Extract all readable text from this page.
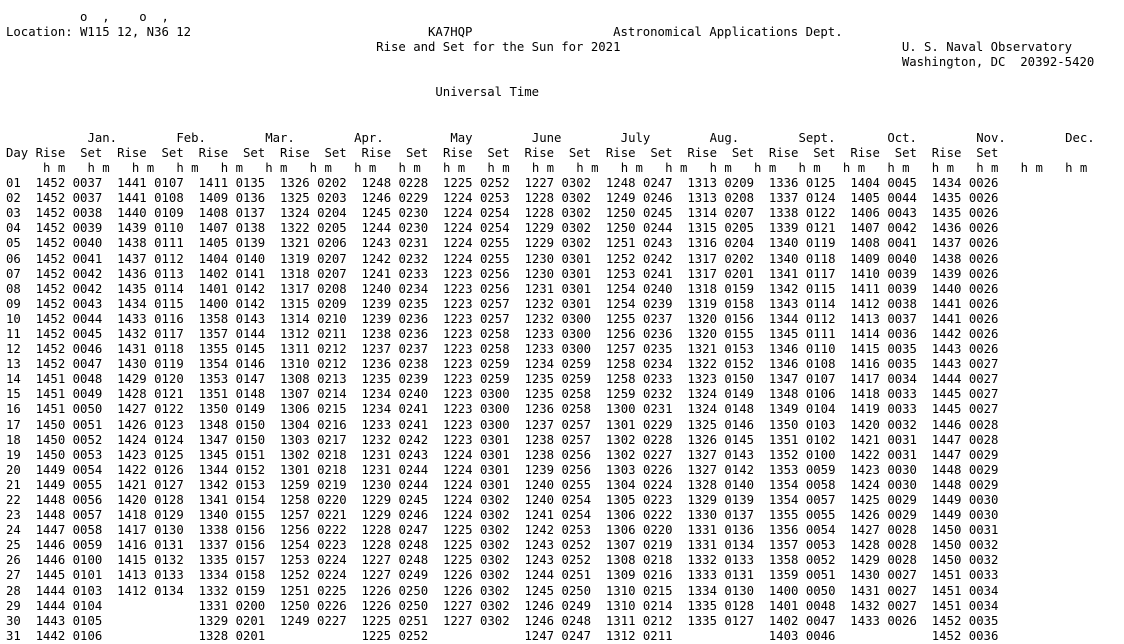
o  ,    o  ,
Location: W115 12, N36 12	KA7HQP	Astronomical Applications Dept.
Rise and Set for the Sun for 2021	U. S. Naval Observatory
Washington, DC  20392-5420

Universal Time

Jan.	Feb.	Mar.	Apr.	May	June	July	Aug.	Sept.	Oct.	Nov.	Dec.
Day Rise Set Rise Set Rise Set Rise Set Rise Set Rise Set Rise Set Rise Set Rise Set Rise Set Rise Set Rise Set
h m h m h m h m h m h m h m h m h m h m h m h m h m h m h m h m h m h m h m h m h m h m h m h m
01 1452 0037 1441 0107 1411 0135 1326 0202 1248 0228 1225 0252 1227 0302 1248 0247 1313 0209 1336 0125 1404 0045 1434 0026
02 1452 0037 1441 0108 1409 0136 1325 0203 1246 0229 1224 0253 1228 0302 1249 0246 1313 0208 1337 0124 1405 0044 1435 0026
03 1452 0038 1440 0109 1408 0137 1324 0204 1245 0230 1224 0254 1228 0302 1250 0245 1314 0207 1338 0122 1406 0043 1435 0026
04 1452 0039 1439 0110 1407 0138 1322 0205 1244 0230 1224 0254 1229 0302 1250 0244 1315 0205 1339 0121 1407 0042 1436 0026
05 1452 0040 1438 0111 1405 0139 1321 0206 1243 0231 1224 0255 1229 0302 1251 0243 1316 0204 1340 0119 1408 0041 1437 0026
06 1452 0041 1437 0112 1404 0140 1319 0207 1242 0232 1224 0255 1230 0301 1252 0242 1317 0202 1340 0118 1409 0040 1438 0026
07 1452 0042 1436 0113 1402 0141 1318 0207 1241 0233 1223 0256 1230 0301 1253 0241 1317 0201 1341 0117 1410 0039 1439 0026
08 1452 0042 1435 0114 1401 0142 1317 0208 1240 0234 1223 0256 1231 0301 1254 0240 1318 0159 1342 0115 1411 0039 1440 0026
09 1452 0043 1434 0115 1400 0142 1315 0209 1239 0235 1223 0257 1232 0301 1254 0239 1319 0158 1343 0114 1412 0038 1441 0026
10 1452 0044 1433 0116 1358 0143 1314 0210 1239 0236 1223 0257 1232 0300 1255 0237 1320 0156 1344 0112 1413 0037 1441 0026
11 1452 0045 1432 0117 1357 0144 1312 0211 1238 0236 1223 0258 1233 0300 1256 0236 1320 0155 1345 0111 1414 0036 1442 0026
12 1452 0046 1431 0118 1355 0145 1311 0212 1237 0237 1223 0258 1233 0300 1257 0235 1321 0153 1346 0110 1415 0035 1443 0026
13 1452 0047 1430 0119 1354 0146 1310 0212 1236 0238 1223 0259 1234 0259 1258 0234 1322 0152 1346 0108 1416 0035 1443 0027
14 1451 0048 1429 0120 1353 0147 1308 0213 1235 0239 1223 0259 1235 0259 1258 0233 1323 0150 1347 0107 1417 0034 1444 0027
15 1451 0049 1428 0121 1351 0148 1307 0214 1234 0240 1223 0300 1235 0258 1259 0232 1324 0149 1348 0106 1418 0033 1445 0027
16 1451 0050 1427 0122 1350 0149 1306 0215 1234 0241 1223 0300 1236 0258 1300 0231 1324 0148 1349 0104 1419 0033 1445 0027
17 1450 0051 1426 0123 1348 0150 1304 0216 1233 0241 1223 0300 1237 0257 1301 0229 1325 0146 1350 0103 1420 0032 1446 0028
18 1450 0052 1424 0124 1347 0150 1303 0217 1232 0242 1223 0301 1238 0257 1302 0228 1326 0145 1351 0102 1421 0031 1447 0028
19 1450 0053 1423 0125 1345 0151 1302 0218 1231 0243 1224 0301 1238 0256 1302 0227 1327 0143 1352 0100 1422 0031 1447 0029
20 1449 0054 1422 0126 1344 0152 1301 0218 1231 0244 1224 0301 1239 0256 1303 0226 1327 0142 1353 0059 1423 0030 1448 0029
21 1449 0055 1421 0127 1342 0153 1259 0219 1230 0244 1224 0301 1240 0255 1304 0224 1328 0140 1354 0058 1424 0030 1448 0029
22 1448 0056 1420 0128 1341 0154 1258 0220 1229 0245 1224 0302 1240 0254 1305 0223 1329 0139 1354 0057 1425 0029 1449 0030
23 1448 0057 1418 0129 1340 0155 1257 0221 1229 0246 1224 0302 1241 0254 1306 0222 1330 0137 1355 0055 1426 0029 1449 0030
24 1447 0058 1417 0130 1338 0156 1256 0222 1228 0247 1225 0302 1242 0253 1306 0220 1331 0136 1356 0054 1427 0028 1450 0031
25 1446 0059 1416 0131 1337 0156 1254 0223 1228 0248 1225 0302 1243 0252 1307 0219 1331 0134 1357 0053 1428 0028 1450 0032
26 1446 0100 1415 0132 1335 0157 1253 0224 1227 0248 1225 0302 1243 0252 1308 0218 1332 0133 1358 0052 1429 0028 1450 0032
27 1445 0101 1413 0133 1334 0158 1252 0224 1227 0249 1226 0302 1244 0251 1309 0216 1333 0131 1359 0051 1430 0027 1451 0033
28 1444 0103 1412 0134 1332 0159 1251 0225 1226 0250 1226 0302 1245 0250 1310 0215 1334 0130 1400 0050 1431 0027 1451 0034
29 1444 0104	1331 0200 1250 0226 1226 0250 1227 0302 1246 0249 1310 0214 1335 0128 1401 0048 1432 0027 1451 0034
30 1443 0105	1329 0201 1249 0227 1225 0251 1227 0302 1246 0248 1311 0212 1335 0127 1402 0047 1433 0026 1452 0035
31 1442 0106	1328 0201	1225 0252	1247 0247 1312 0211	1403 0046	1452 0036
